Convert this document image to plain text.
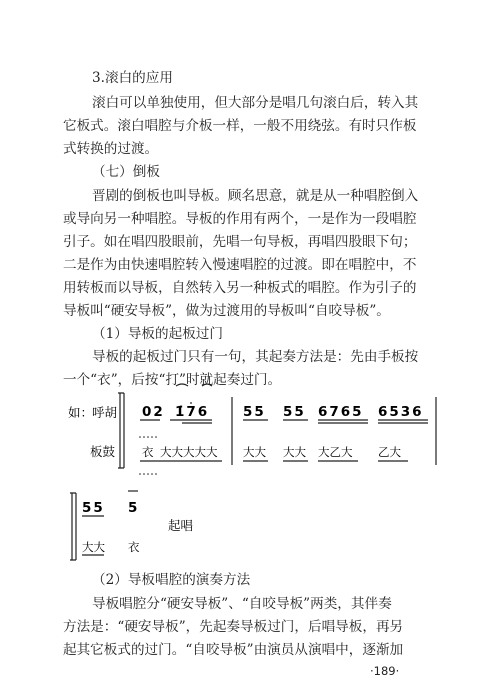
3.滚白的应用
滚白可以单独使用，但大部分是唱几句滚白后，转入其
它板式。滚白唱腔与介板一样，一般不用绕弦。有时只作板
式转换的过渡。
（七）倒板
晋剧的倒板也叫导板。顾名思意，就是从一种唱腔倒入
或导向另一种唱腔。导板的作用有两个，一是作为一段唱腔
引子。如在唱四股眼前，先唱一句导板，再唱四股眼下句；
二是作为由快速唱腔转入慢速唱腔的过渡。即在唱腔中，不
用转板而以导板，自然转入另一种板式的唱腔。作为引子的
导板叫“硬安导板”，做为过渡用的导板叫“自咬导板”。
（1）导板的起板过门
导板的起板过门只有一句，其起奏方法是：先由手板按
一个“衣”，后按“打”时就起奏过门。
如：
呼胡
板鼓
02 1̇76	55 55 6765 6536
衣 大大大大大 大大 大大 大乙大 乙大
55 5
起唱
大大 衣
（2）导板唱腔的演奏方法
导板唱腔分“硬安导板”、“自咬导板”两类，其伴奏
方法是：“硬安导板”，先起奏导板过门，后唱导板，再另
起其它板式的过门。“自咬导板”由演员从演唱中，逐渐加
·189·
